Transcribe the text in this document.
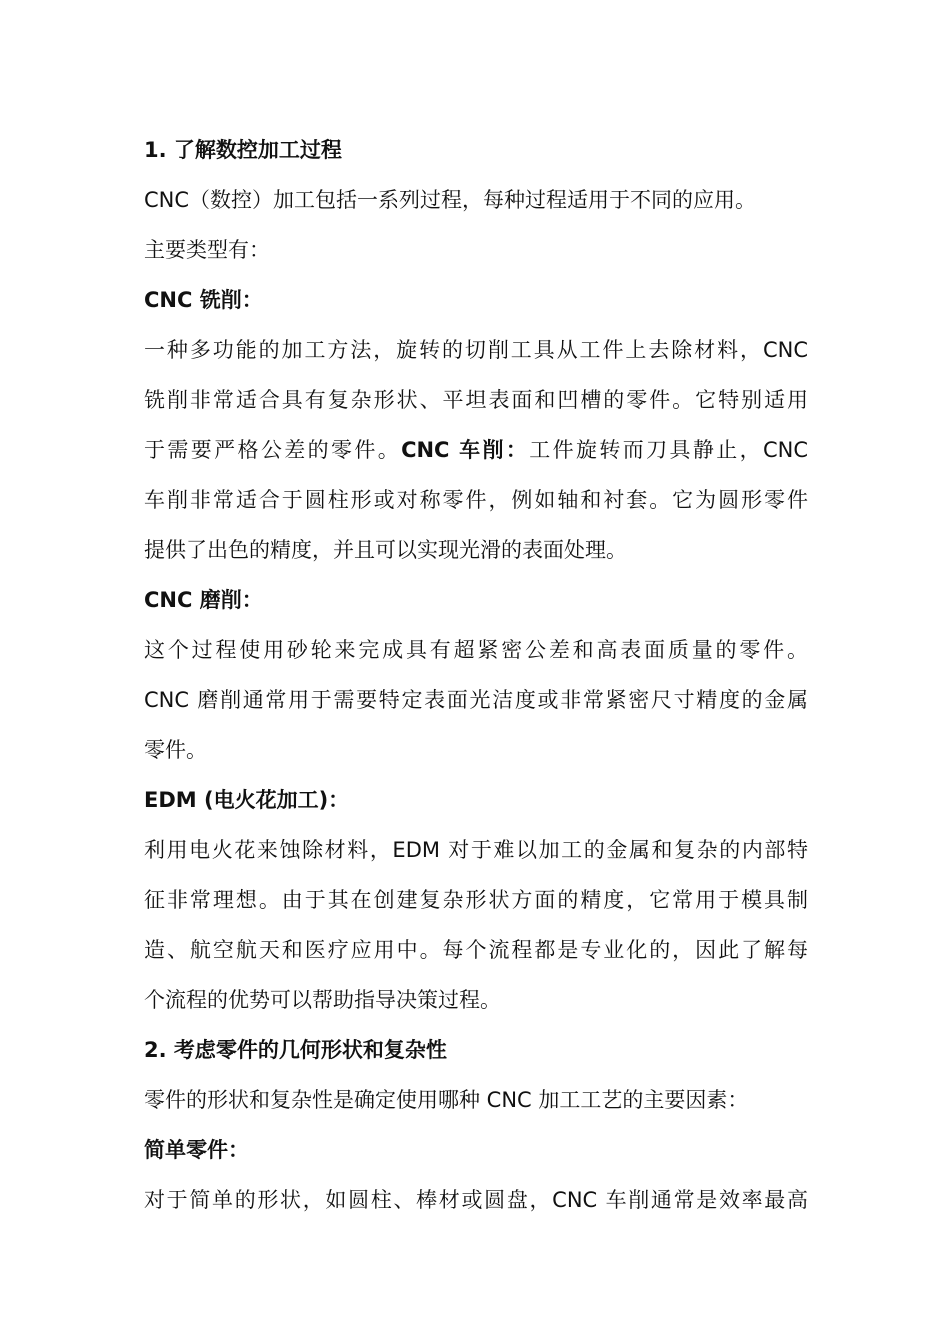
1. 了解数控加工过程
CNC（数控）加工包括一系列过程，每种过程适用于不同的应用。
主要类型有：
CNC 铣削：
一种多功能的加工方法，旋转的切削工具从工件上去除材料，CNC
铣削非常适合具有复杂形状、平坦表面和凹槽的零件。它特别适用
于需要严格公差的零件。CNC 车削：工件旋转而刀具静止，CNC
车削非常适合于圆柱形或对称零件，例如轴和衬套。它为圆形零件
提供了出色的精度，并且可以实现光滑的表面处理。
CNC 磨削：
这个过程使用砂轮来完成具有超紧密公差和高表面质量的零件。
CNC 磨削通常用于需要特定表面光洁度或非常紧密尺寸精度的金属
零件。
EDM (电火花加工)：
利用电火花来蚀除材料，EDM 对于难以加工的金属和复杂的内部特
征非常理想。由于其在创建复杂形状方面的精度，它常用于模具制
造、航空航天和医疗应用中。每个流程都是专业化的，因此了解每
个流程的优势可以帮助指导决策过程。
2. 考虑零件的几何形状和复杂性
零件的形状和复杂性是确定使用哪种 CNC 加工工艺的主要因素：
简单零件：
对于简单的形状，如圆柱、棒材或圆盘，CNC 车削通常是效率最高
